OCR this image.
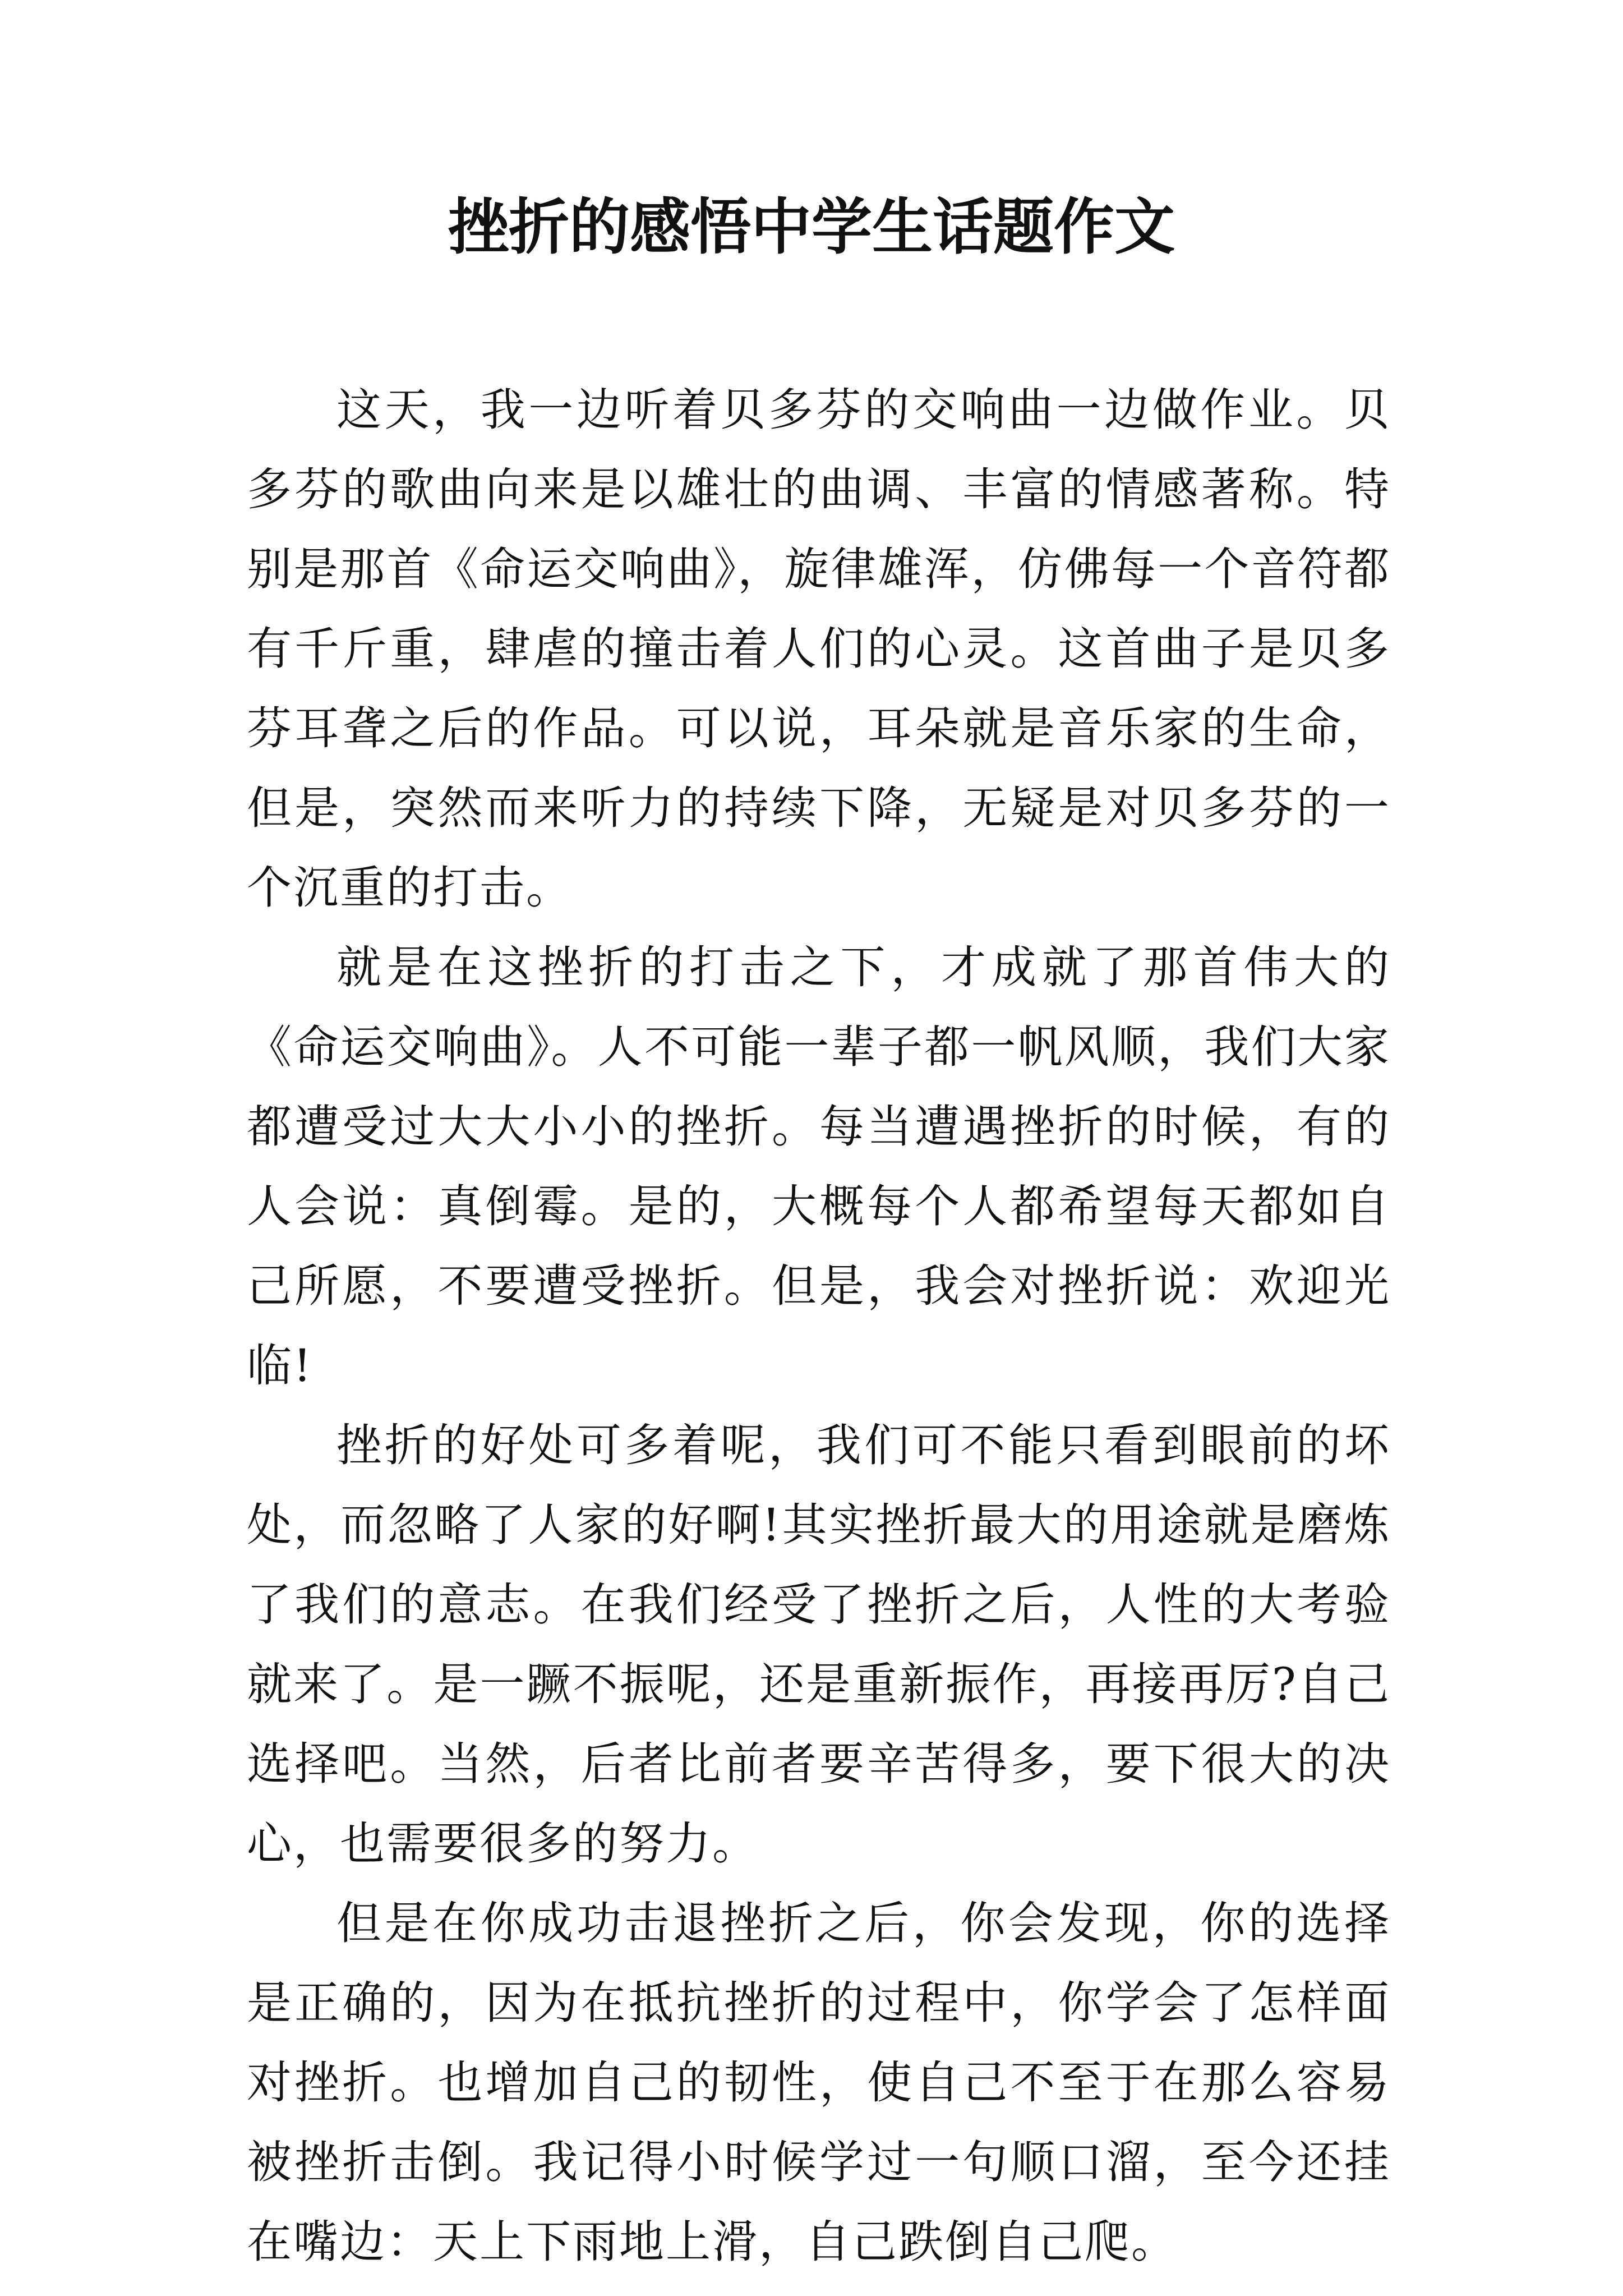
挫折的感悟中学生话题作文

这天，我一边听着贝多芬的交响曲一边做作业。贝多芬的歌曲向来是以雄壮的曲调、丰富的情感著称。特别是那首《命运交响曲》，旋律雄浑，仿佛每一个音符都有千斤重，肆虐的撞击着人们的心灵。这首曲子是贝多芬耳聋之后的作品。可以说，耳朵就是音乐家的生命，但是，突然而来听力的持续下降，无疑是对贝多芬的一个沉重的打击。

就是在这挫折的打击之下，才成就了那首伟大的《命运交响曲》。人不可能一辈子都一帆风顺，我们大家都遭受过大大小小的挫折。每当遭遇挫折的时候，有的人会说：真倒霉。是的，大概每个人都希望每天都如自己所愿，不要遭受挫折。但是，我会对挫折说：欢迎光临!

挫折的好处可多着呢，我们可不能只看到眼前的坏处，而忽略了人家的好啊!其实挫折最大的用途就是磨炼了我们的意志。在我们经受了挫折之后，人性的大考验就来了。是一蹶不振呢，还是重新振作，再接再厉?自己选择吧。当然，后者比前者要辛苦得多，要下很大的决心，也需要很多的努力。

但是在你成功击退挫折之后，你会发现，你的选择是正确的，因为在抵抗挫折的过程中，你学会了怎样面对挫折。也增加自己的韧性，使自己不至于在那么容易被挫折击倒。我记得小时候学过一句顺口溜，至今还挂在嘴边：天上下雨地上滑，自己跌倒自己爬。
